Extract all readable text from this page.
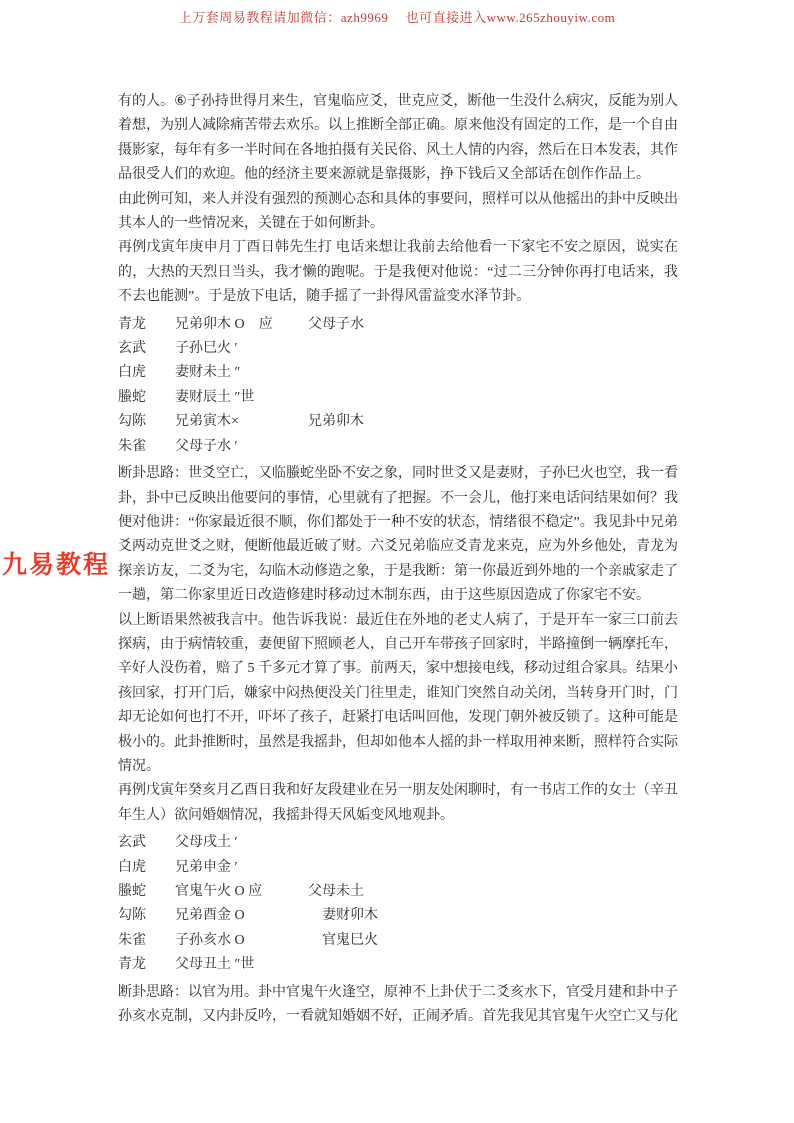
上万套周易教程请加微信：azh9969　 也可直接进入www.265zhouyiw.com
九易教程

有的人。⑥子孙持世得月来生，官鬼临应爻，世克应爻，断他一生没什么病灾，反能为别人着想，为别人减除痛苦带去欢乐。以上推断全部正确。原来他没有固定的工作，是一个自由摄影家，每年有多一半时间在各地拍摄有关民俗、风土人情的内容，然后在日本发表，其作品很受人们的欢迎。他的经济主要来源就是靠摄影，挣下钱后又全部话在创作作品上。

由此例可知，来人并没有强烈的预测心态和具体的事要问，照样可以从他摇出的卦中反映出其本人的一些情况来，关键在于如何断卦。

再例戊寅年庚申月丁酉日韩先生打 电话来想让我前去给他看一下家宅不安之原因，说实在的，大热的天烈日当头，我才懒的跑呢。于是我便对他说：“过二三分钟你再打电话来，我不去也能测”。于是放下电话，随手摇了一卦得风雷益变水泽节卦。

青龙	兄弟卯木 O　应	父母子水
玄武	子孙巳火 ′
白虎	妻财未土 ″
螣蛇	妻财辰土 ″世
勾陈	兄弟寅木×	兄弟卯木
朱雀	父母子水 ′

断卦思路：世爻空亡，又临螣蛇坐卧不安之象，同时世爻又是妻财，子孙巳火也空，我一看卦，卦中已反映出他要问的事情，心里就有了把握。不一会儿，他打来电话问结果如何？我便对他讲：“你家最近很不顺，你们都处于一种不安的状态，情绪很不稳定”。我见卦中兄弟爻两动克世爻之财，便断他最近破了财。六爻兄弟临应爻青龙来克，应为外乡他处，青龙为探亲访友，二爻为宅，勾临木动修造之象，于是我断：第一你最近到外地的一个亲戚家走了一趟，第二你家里近日改造修建时移动过木制东西，由于这些原因造成了你家宅不安。

以上断语果然被我言中。他告诉我说：最近住在外地的老丈人病了，于是开车一家三口前去探病，由于病情较重，妻便留下照顾老人，自己开车带孩子回家时，半路撞倒一辆摩托车，辛好人没伤着，赔了 5 千多元才算了事。前两天，家中想接电线，移动过组合家具。结果小孩回家，打开门后，嫌家中闷热便没关门往里走，谁知门突然自动关闭，当转身开门时，门却无论如何也打不开，吓坏了孩子，赶紧打电话叫回他，发现门朝外被反锁了。这种可能是极小的。此卦推断时，虽然是我摇卦，但却如他本人摇的卦一样取用神来断，照样符合实际情况。

再例戊寅年癸亥月乙酉日我和好友段建业在另一朋友处闲聊时，有一书店工作的女士（辛丑年生人）欲问婚姻情况，我摇卦得天风姤变风地观卦。

玄武	父母戌土 ′
白虎	兄弟申金 ′
螣蛇	官鬼午火 O 应	父母未土
勾陈	兄弟酉金 O	　妻财卯木
朱雀	子孙亥水 O	　官鬼巳火
青龙	父母丑土 ″世

断卦思路：以官为用。卦中官鬼午火逢空，原神不上卦伏于二爻亥水下，官受月建和卦中子孙亥水克制，又内卦反吟，一看就知婚姻不好，正闹矛盾。首先我见其官鬼午火空亡又与化
